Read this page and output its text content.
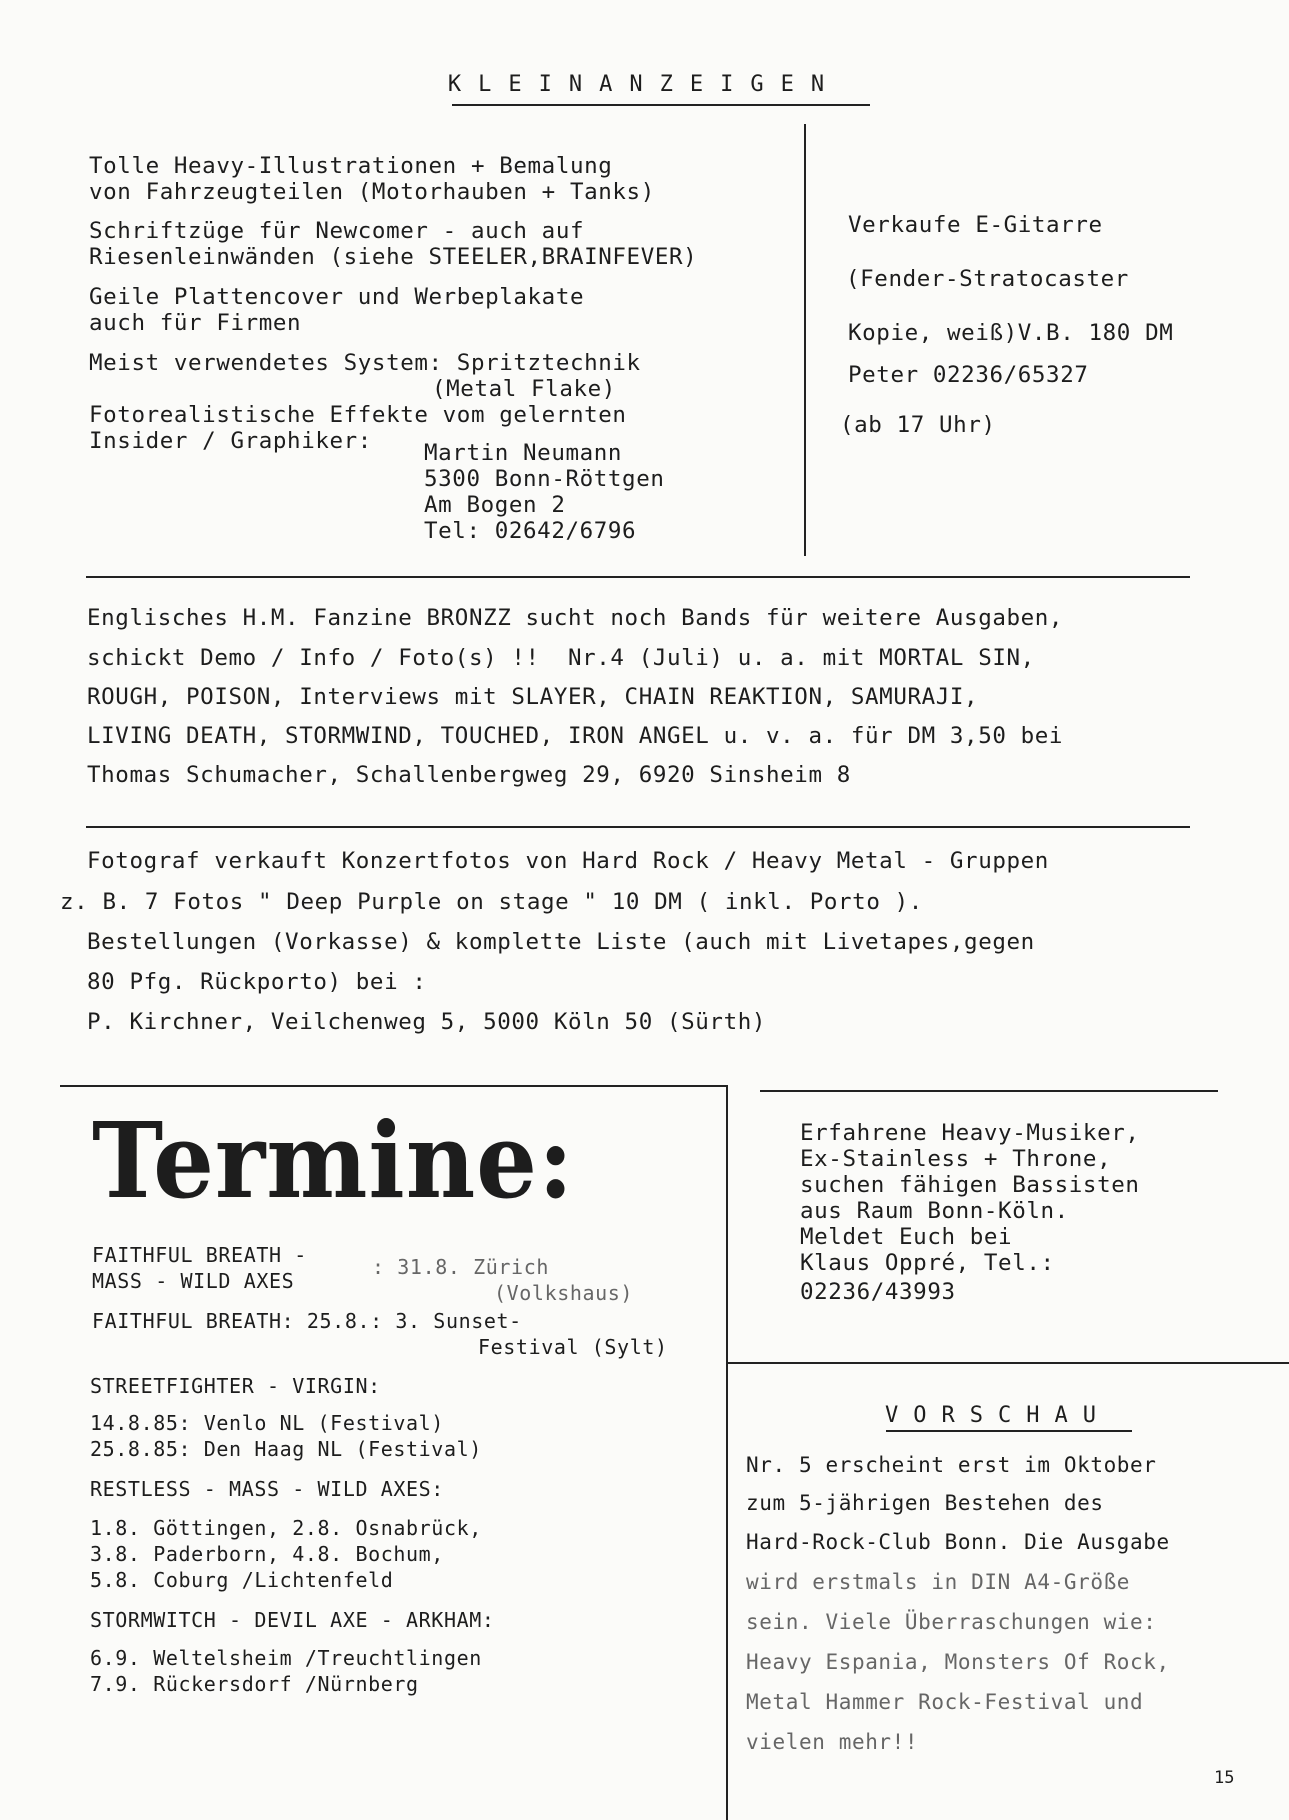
KLEINANZEIGEN
Tolle Heavy-Illustrationen + Bemalung
von Fahrzeugteilen (Motorhauben + Tanks)
Schriftzüge für Newcomer - auch auf
Riesenleinwänden (siehe STEELER,BRAINFEVER)
Geile Plattencover und Werbeplakate
auch für Firmen
Meist verwendetes System: Spritztechnik
(Metal Flake)
Fotorealistische Effekte vom gelernten
Insider / Graphiker: Martin Neumann
5300 Bonn-Röttgen
Am Bogen 2
Tel: 02642/6796
Verkaufe E-Gitarre
(Fender-Stratocaster
Kopie, weiß)V.B. 180 DM
Peter 02236/65327
(ab 17 Uhr)
Englisches H.M. Fanzine BRONZZ sucht noch Bands für weitere Ausgaben,
schickt Demo / Info / Foto(s) !!  Nr.4 (Juli) u. a. mit MORTAL SIN,
ROUGH, POISON, Interviews mit SLAYER, CHAIN REAKTION, SAMURAJI,
LIVING DEATH, STORMWIND, TOUCHED, IRON ANGEL u. v. a. für DM 3,50 bei
Thomas Schumacher, Schallenbergweg 29, 6920 Sinsheim 8
Fotograf verkauft Konzertfotos von Hard Rock / Heavy Metal - Gruppen
z. B. 7 Fotos " Deep Purple on stage " 10 DM ( inkl. Porto ).
Bestellungen (Vorkasse) & komplette Liste (auch mit Livetapes,gegen
80 Pfg. Rückporto) bei :
P. Kirchner, Veilchenweg 5, 5000 Köln 50 (Sürth)
Termine:
FAITHFUL BREATH -
MASS - WILD AXES
: 31.8. Zürich
(Volkshaus)
FAITHFUL BREATH: 25.8.: 3. Sunset-
Festival (Sylt)
STREETFIGHTER - VIRGIN:
14.8.85: Venlo NL (Festival)
25.8.85: Den Haag NL (Festival)
RESTLESS - MASS - WILD AXES:
1.8. Göttingen, 2.8. Osnabrück,
3.8. Paderborn, 4.8. Bochum,
5.8. Coburg /Lichtenfeld
STORMWITCH - DEVIL AXE - ARKHAM:
6.9. Weltelsheim /Treuchtlingen
7.9. Rückersdorf /Nürnberg
Erfahrene Heavy-Musiker,
Ex-Stainless + Throne,
suchen fähigen Bassisten
aus Raum Bonn-Köln.
Meldet Euch bei
Klaus Oppré, Tel.:
02236/43993
VORSCHAU
Nr. 5 erscheint erst im Oktober
zum 5-jährigen Bestehen des
Hard-Rock-Club Bonn. Die Ausgabe
wird erstmals in DIN A4-Größe
sein. Viele Überraschungen wie:
Heavy Espania, Monsters Of Rock,
Metal Hammer Rock-Festival und
vielen mehr!!
15
